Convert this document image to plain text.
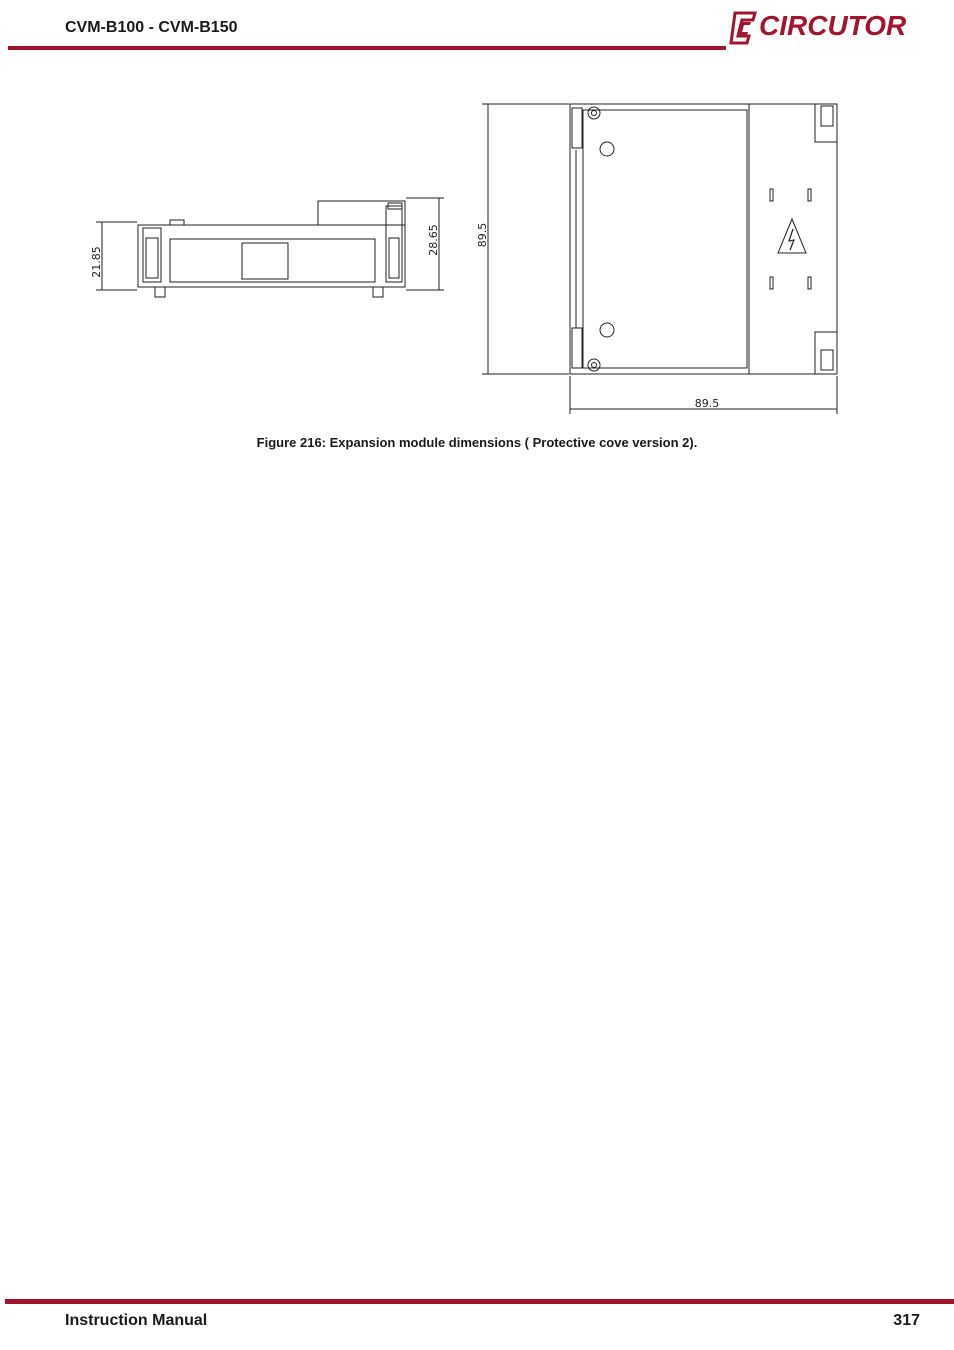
CVM-B100 - CVM-B150	CIRCUTOR
21.85
28.65	89.5
89.5
Figure 216: Expansion module dimensions ( Protective cove version 2).
Instruction Manual	317
